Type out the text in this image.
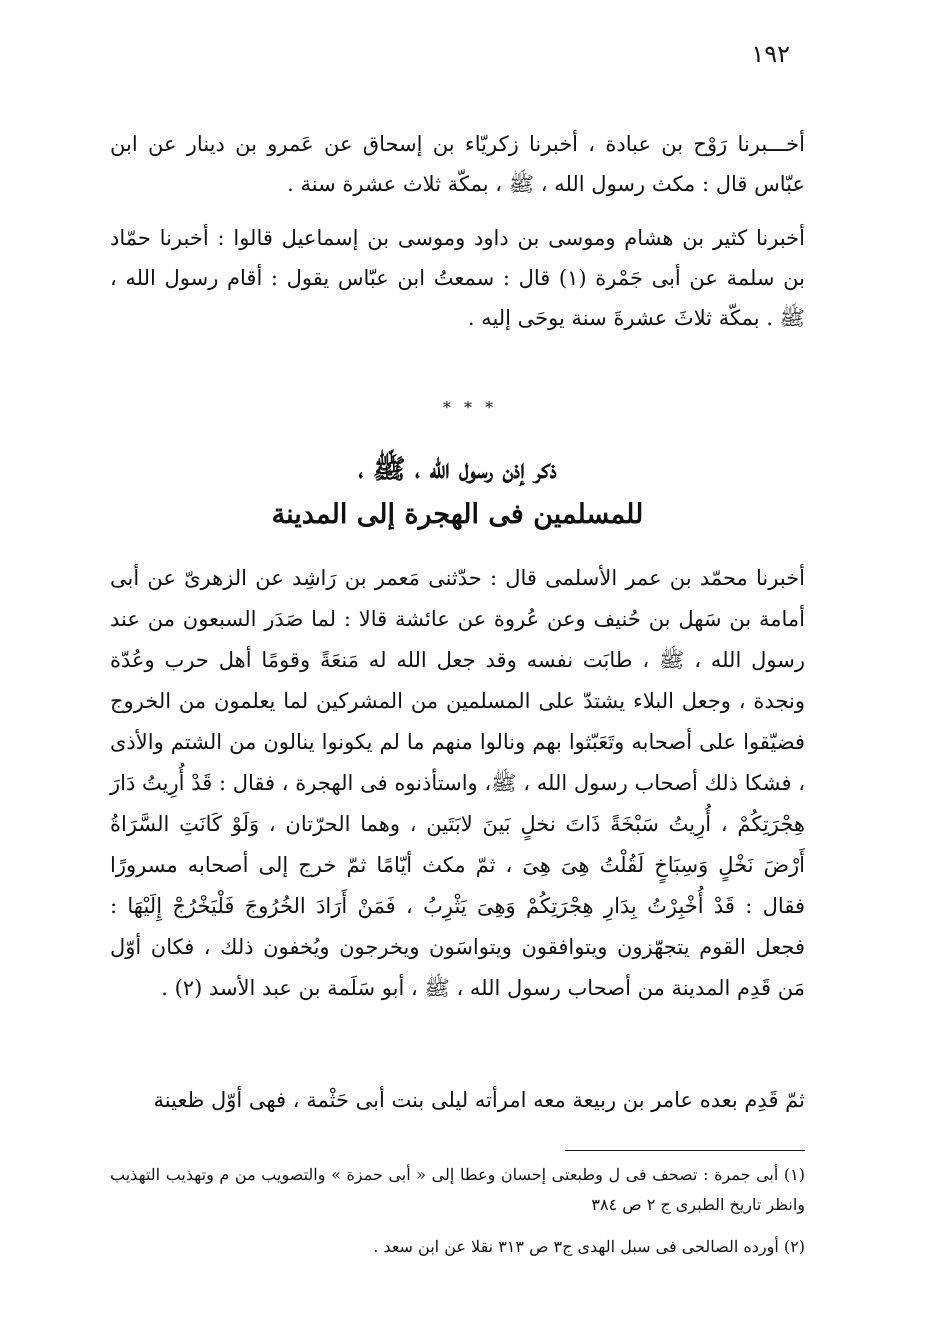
١٩٢

أخـــبرنا رَوْح بن عبادة ، أخبرنا زكريّاء بن إسحاق عن عَمرو بن دينار عن ابن عبّاس قال : مكث رسول الله ، ﷺ ، بمكّة ثلاث عشرة سنة .

أخبرنا كثير بن هشام وموسى بن داود وموسى بن إسماعيل قالوا : أخبرنا حمّاد بن سلمة عن أبى جَمْرة (١) قال : سمعتُ ابن عبّاس يقول : أقام رسول الله ، ﷺ . بمكّة ثلاثَ عشرةَ سنة يوحَى إليه .

* * *
ذكر إذن رسول الله ، ﷺ ،
للمسلمين فى الهجرة إلى المدينة

أخبرنا محمّد بن عمر الأسلمى قال : حدّثنى مَعمر بن رَاشِد عن الزهرىّ عن أبى أمامة بن سَهل بن حُنيف وعن عُروة عن عائشة قالا : لما صَدَر السبعون من عند رسول الله ، ﷺ ، طابَت نفسه وقد جعل الله له مَنعَةً وقومًا أهل حرب وعُدّة ونجدة ، وجعل البلاء يشتدّ على المسلمين من المشركين لما يعلمون من الخروج فضيّقوا على أصحابه وتَعَبّثوا بهم ونالوا منهم ما لم يكونوا ينالون من الشتم والأذى ، فشكا ذلك أصحاب رسول الله ، ﷺ، واستأذنوه فى الهجرة ، فقال : قَدْ أُرِيتُ دَارَ هِجْرَتِكُمْ ، أُرِيتُ سَبْخَةً ذَاتَ نخلٍ بَينَ لابَتَين ، وهما الحرّتان ، وَلَوْ كَانَتِ السَّرَاةُ أَرْضَ نَخْلٍ وَسِبَاخٍ لَقُلْتُ هِىَ هِىَ ، ثمّ مكث أيّامًا ثمّ خرج إلى أصحابه مسرورًا فقال : قَدْ أُخْبِرْتُ بِدَارِ هِجْرَتِكُمْ وَهِىَ يَثْرِبُ ، فَمَنْ أَرَادَ الخُرُوجَ فَلْيَخْرُجْ إِلَيْهَا : فجعل القوم يتجهّزون ويتوافقون ويتواسَون ويخرجون ويُخفون ذلك ، فكان أوّل مَن قَدِم المدينة من أصحاب رسول الله ، ﷺ ، أبو سَلَمة بن عبد الأسد (٢) .

ثمّ قَدِم بعده عامر بن ربيعة معه امرأته ليلى بنت أبى حَثْمة ، فهى أوّل ظعينة

(١) أبى جمرة : تصحف فى ل وطبعتى إحسان وعطا إلى « أبى حمزة » والتصويب من م وتهذيب التهذيب وانظر تاريخ الطبرى ج ٢ ص ٣٨٤

(٢) أورده الصالحى فى سبل الهدى ج٣ ص ٣١٣ نقلا عن ابن سعد .
